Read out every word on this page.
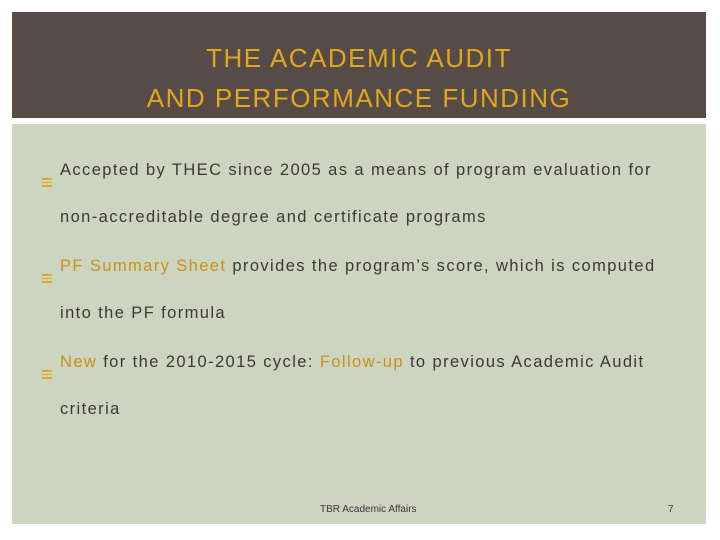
THE ACADEMIC AUDIT
AND PERFORMANCE FUNDING
Accepted by THEC since 2005 as a means of program evaluation for non-accreditable degree and certificate programs
PF Summary Sheet provides the program’s score, which is computed into the PF formula
New for the 2010-2015 cycle: Follow-up to previous Academic Audit criteria
TBR Academic Affairs	7
